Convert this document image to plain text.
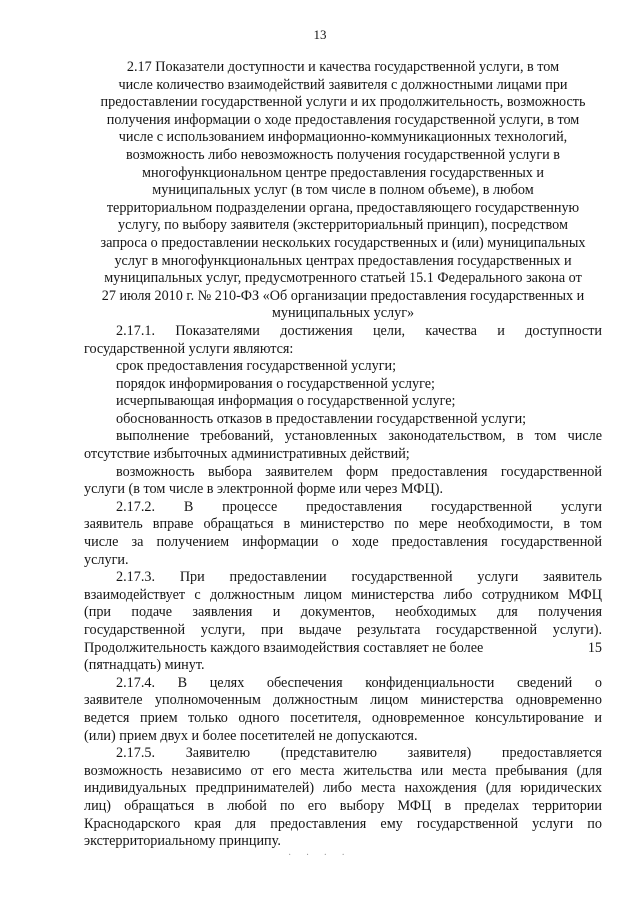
13
2.17 Показатели доступности и качества государственной услуги, в том
числе количество взаимодействий заявителя с должностными лицами при
предоставлении государственной услуги и их продолжительность, возможность
получения информации о ходе предоставления государственной услуги, в том
числе с использованием информационно-коммуникационных технологий,
возможность либо невозможность получения государственной услуги в
многофункциональном центре предоставления государственных и
муниципальных услуг (в том числе в полном объеме), в любом
территориальном подразделении органа, предоставляющего государственную
услугу, по выбору заявителя (экстерриториальный принцип), посредством
запроса о предоставлении нескольких государственных и (или) муниципальных
услуг в многофункциональных центрах предоставления государственных и
муниципальных услуг, предусмотренного статьей 15.1 Федерального закона от
27 июля 2010 г. № 210-ФЗ «Об организации предоставления государственных и
муниципальных услуг»
2.17.1. Показателями достижения цели, качества и доступности
государственной услуги являются:
срок предоставления государственной услуги;
порядок информирования о государственной услуге;
исчерпывающая информация о государственной услуге;
обоснованность отказов в предоставлении государственной услуги;
выполнение требований, установленных законодательством, в том числе
отсутствие избыточных административных действий;
возможность выбора заявителем форм предоставления государственной
услуги (в том числе в электронной форме или через МФЦ).
2.17.2. В процессе предоставления государственной услуги
заявитель вправе обращаться в министерство по мере необходимости, в том
числе за получением информации о ходе предоставления государственной
услуги.
2.17.3. При предоставлении государственной услуги заявитель
взаимодействует с должностным лицом министерства либо сотрудником МФЦ
(при подаче заявления и документов, необходимых для получения
государственной услуги, при выдаче результата государственной услуги).
Продолжительность каждого взаимодействия составляет не более	15
(пятнадцать) минут.
2.17.4. В целях обеспечения конфиденциальности сведений о
заявителе уполномоченным должностным лицом министерства одновременно
ведется прием только одного посетителя, одновременное консультирование и
(или) прием двух и более посетителей не допускаются.
2.17.5. Заявителю (представителю заявителя) предоставляется
возможность независимо от его места жительства или места пребывания (для
индивидуальных предпринимателей) либо места нахождения (для юридических
лиц) обращаться в любой по его выбору МФЦ в пределах территории
Краснодарского края для предоставления ему государственной услуги по
экстерриториальному принципу.
· · · ·
